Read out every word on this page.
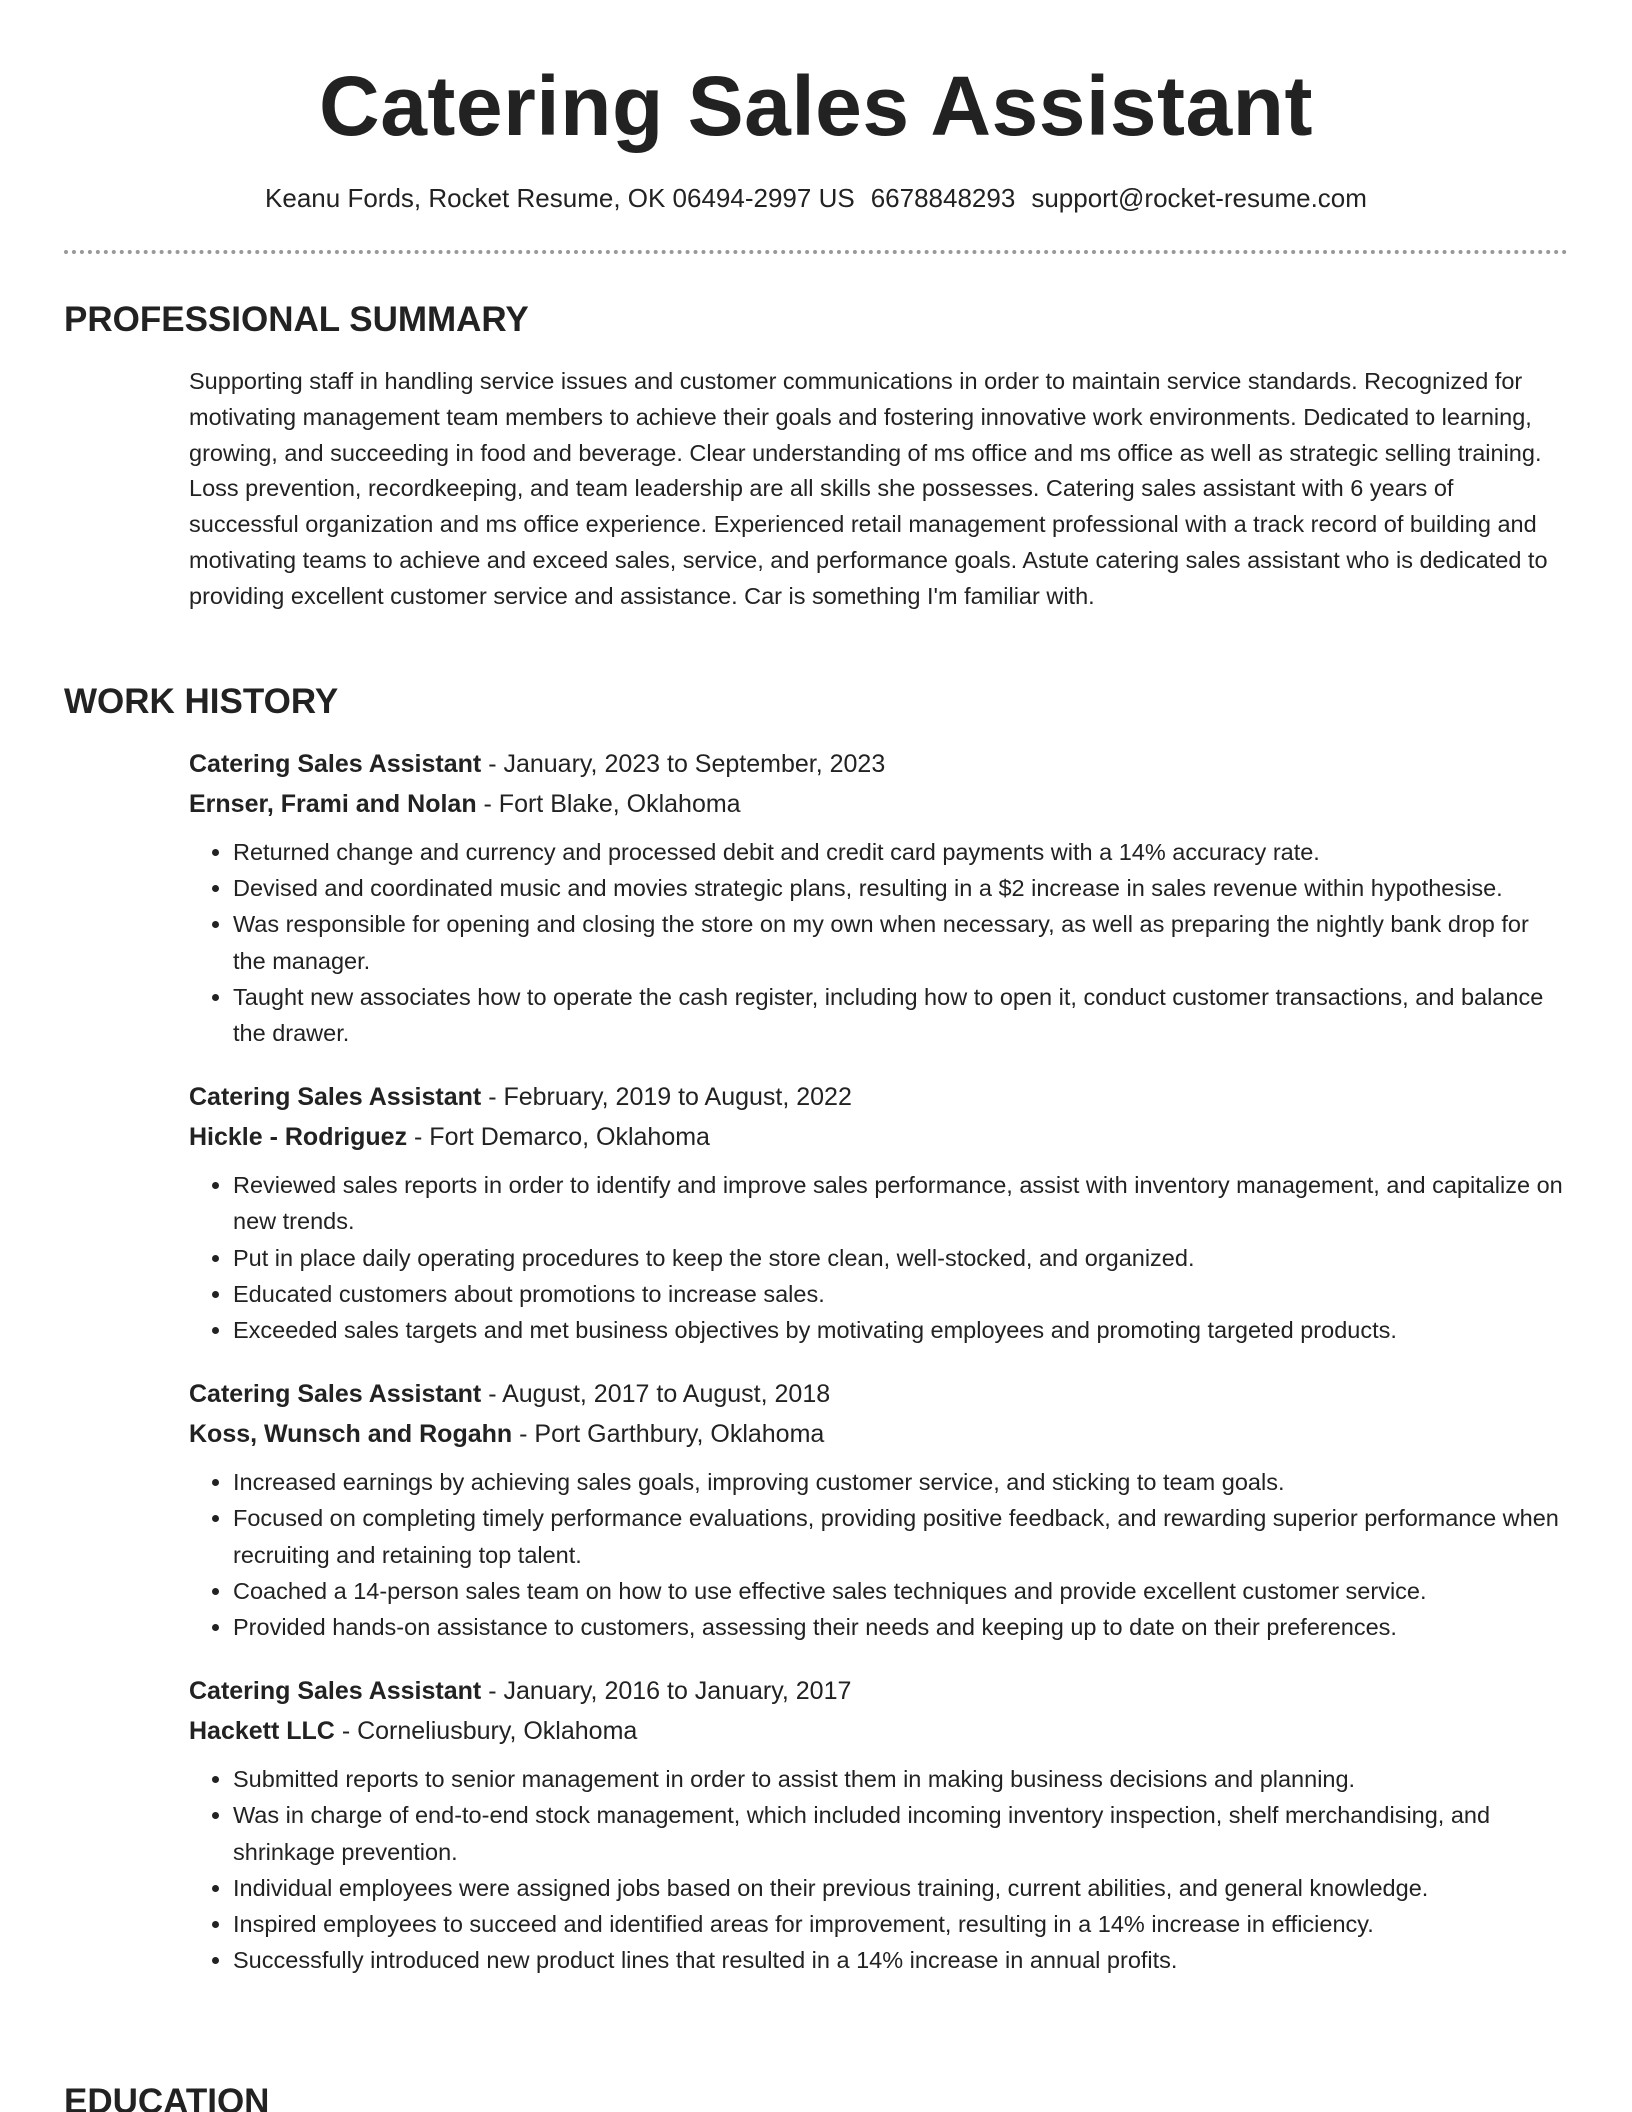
Catering Sales Assistant
Keanu Fords, Rocket Resume, OK 06494-2997 US 6678848293 support@rocket-resume.com
PROFESSIONAL SUMMARY

Supporting staff in handling service issues and customer communications in order to maintain service standards. Recognized for motivating management team members to achieve their goals and fostering innovative work environments. Dedicated to learning, growing, and succeeding in food and beverage. Clear understanding of ms office and ms office as well as strategic selling training. Loss prevention, recordkeeping, and team leadership are all skills she possesses. Catering sales assistant with 6 years of successful organization and ms office experience. Experienced retail management professional with a track record of building and motivating teams to achieve and exceed sales, service, and performance goals. Astute catering sales assistant who is dedicated to providing excellent customer service and assistance. Car is something I'm familiar with.

WORK HISTORY
Catering Sales Assistant - January, 2023 to September, 2023
Ernser, Frami and Nolan - Fort Blake, Oklahoma
• Returned change and currency and processed debit and credit card payments with a 14% accuracy rate.
• Devised and coordinated music and movies strategic plans, resulting in a $2 increase in sales revenue within hypothesise.
• Was responsible for opening and closing the store on my own when necessary, as well as preparing the nightly bank drop for the manager.
• Taught new associates how to operate the cash register, including how to open it, conduct customer transactions, and balance the drawer.
Catering Sales Assistant - February, 2019 to August, 2022
Hickle - Rodriguez - Fort Demarco, Oklahoma
• Reviewed sales reports in order to identify and improve sales performance, assist with inventory management, and capitalize on new trends.
• Put in place daily operating procedures to keep the store clean, well-stocked, and organized.
• Educated customers about promotions to increase sales.
• Exceeded sales targets and met business objectives by motivating employees and promoting targeted products.
Catering Sales Assistant - August, 2017 to August, 2018
Koss, Wunsch and Rogahn - Port Garthbury, Oklahoma
• Increased earnings by achieving sales goals, improving customer service, and sticking to team goals.
• Focused on completing timely performance evaluations, providing positive feedback, and rewarding superior performance when recruiting and retaining top talent.
• Coached a 14-person sales team on how to use effective sales techniques and provide excellent customer service.
• Provided hands-on assistance to customers, assessing their needs and keeping up to date on their preferences.
Catering Sales Assistant - January, 2016 to January, 2017
Hackett LLC - Corneliusbury, Oklahoma
• Submitted reports to senior management in order to assist them in making business decisions and planning.
• Was in charge of end-to-end stock management, which included incoming inventory inspection, shelf merchandising, and shrinkage prevention.
• Individual employees were assigned jobs based on their previous training, current abilities, and general knowledge.
• Inspired employees to succeed and identified areas for improvement, resulting in a 14% increase in efficiency.
• Successfully introduced new product lines that resulted in a 14% increase in annual profits.
EDUCATION
